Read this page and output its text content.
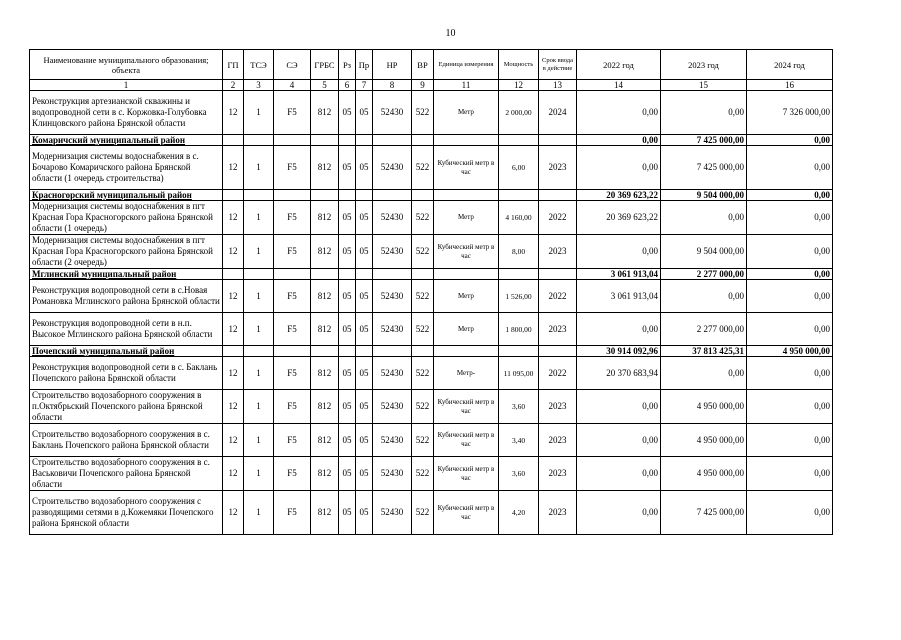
10
Наименование муниципального образования; объекта	ГП	ТСЭ	СЭ	ГРБС	Рз	Пр	НР	ВР	Единица измерения	Мощность	Срок ввода в действие	2022 год	2023 год	2024 год
1	2	3	4	5	6	7	8	9	11	12	13	14	15	16
Реконструкция артезианской скважины и водопроводной сети в с. Коржовка-Голубовка Клинцовского района Брянской области	12	1	F5	812	05	05	52430	522	Метр	2 000,00	2024	0,00	0,00	7 326 000,00
Комаричский муниципальный район												0,00	7 425 000,00	0,00
Модернизация системы водоснабжения в с. Бочарово Комаричского района Брянской области (1 очередь строительства)	12	1	F5	812	05	05	52430	522	Кубический метр в час	6,00	2023	0,00	7 425 000,00	0,00
Красногорский муниципальный район												20 369 623,22	9 504 000,00	0,00
Модернизация системы водоснабжения в пгт Красная Гора Красногорского района Брянской области (1 очередь)	12	1	F5	812	05	05	52430	522	Метр	4 160,00	2022	20 369 623,22	0,00	0,00
Модернизация системы водоснабжения в пгт Красная Гора Красногорского района Брянской области (2 очередь)	12	1	F5	812	05	05	52430	522	Кубический метр в час	8,00	2023	0,00	9 504 000,00	0,00
Мглинский муниципальный район												3 061 913,04	2 277 000,00	0,00
Реконструкция водопроводной сети в с.Новая Романовка Мглинского района Брянской области	12	1	F5	812	05	05	52430	522	Метр	1 526,00	2022	3 061 913,04	0,00	0,00
Реконструкция водопроводной сети в н.п. Высокое Мглинского района Брянской области	12	1	F5	812	05	05	52430	522	Метр	1 800,00	2023	0,00	2 277 000,00	0,00
Почепский муниципальный район												30 914 092,96	37 813 425,31	4 950 000,00
Реконструкция водопроводной сети в с. Баклань Почепского района Брянской области	12	1	F5	812	05	05	52430	522	Метр-	11 095,00	2022	20 370 683,94	0,00	0,00
Строительство водозаборного сооружения в п.Октябрьский Почепского района Брянской области	12	1	F5	812	05	05	52430	522	Кубический метр в час	3,60	2023	0,00	4 950 000,00	0,00
Строительство водозаборного сооружения в с. Баклань Почепского района Брянской области	12	1	F5	812	05	05	52430	522	Кубический метр в час	3,40	2023	0,00	4 950 000,00	0,00
Строительство водозаборного сооружения в с. Васьковичи Почепского района Брянской области	12	1	F5	812	05	05	52430	522	Кубический метр в час	3,60	2023	0,00	4 950 000,00	0,00
Строительство водозаборного сооружения с разводящими сетями в д.Кожемяки Почепского района Брянской области	12	1	F5	812	05	05	52430	522	Кубический метр в час	4,20	2023	0,00	7 425 000,00	0,00
